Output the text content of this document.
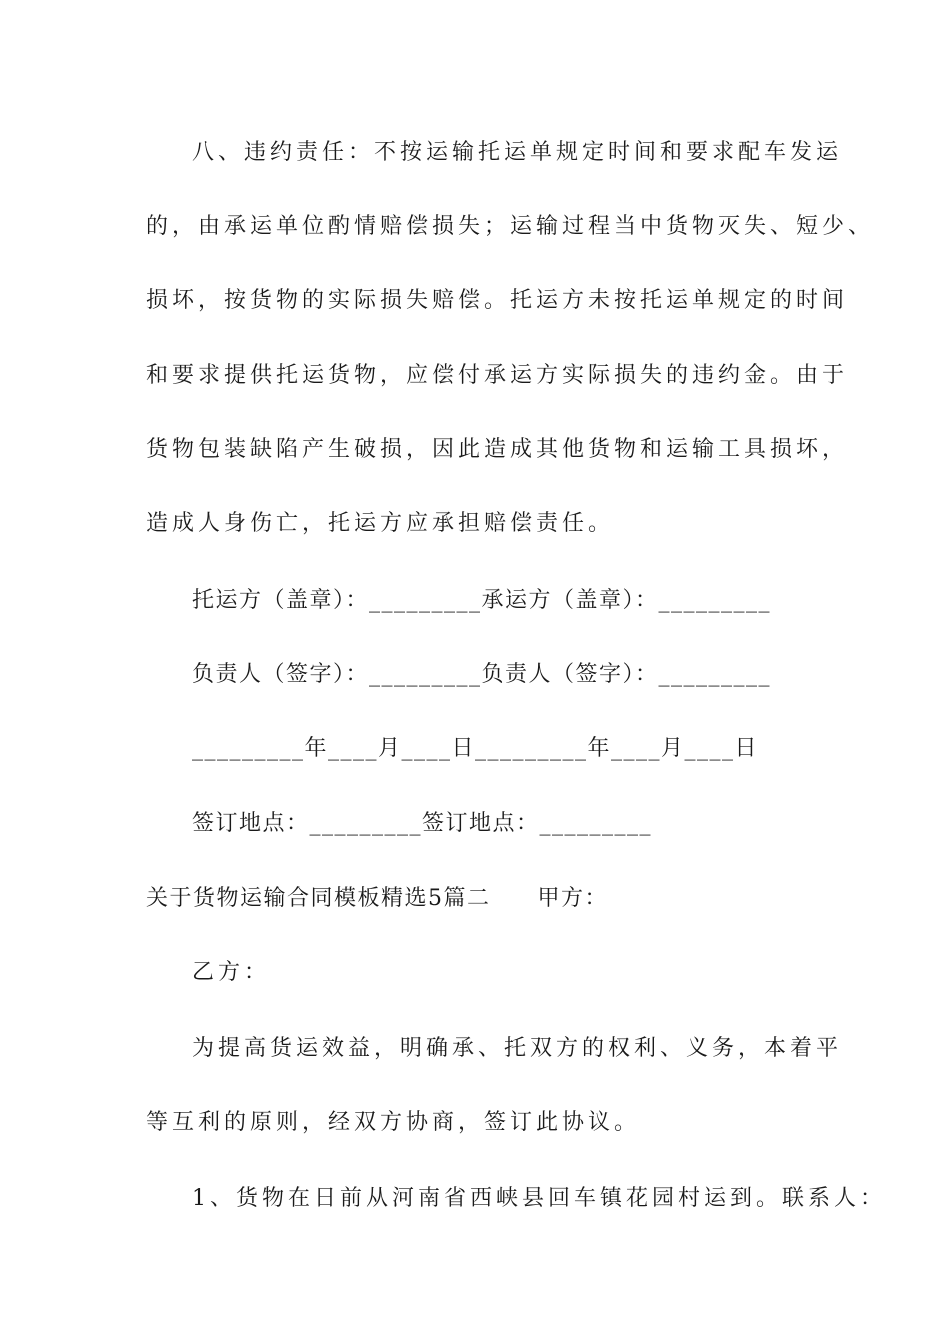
八、违约责任：不按运输托运单规定时间和要求配车发运
的，由承运单位酌情赔偿损失；运输过程当中货物灭失、短少、
损坏，按货物的实际损失赔偿。托运方未按托运单规定的时间
和要求提供托运货物，应偿付承运方实际损失的违约金。由于
货物包装缺陷产生破损，因此造成其他货物和运输工具损坏，
造成人身伤亡，托运方应承担赔偿责任。
托运方（盖章）：_________承运方（盖章）：_________
负责人（签字）：_________负责人（签字）：_________
_________年____月____日_________年____月____日
签订地点：_________签订地点：_________
关于货物运输合同模板精选5篇二　　甲方：
乙方：
为提高货运效益，明确承、托双方的权利、义务，本着平
等互利的原则，经双方协商，签订此协议。
1、货物在日前从河南省西峡县回车镇花园村运到。联系人：
